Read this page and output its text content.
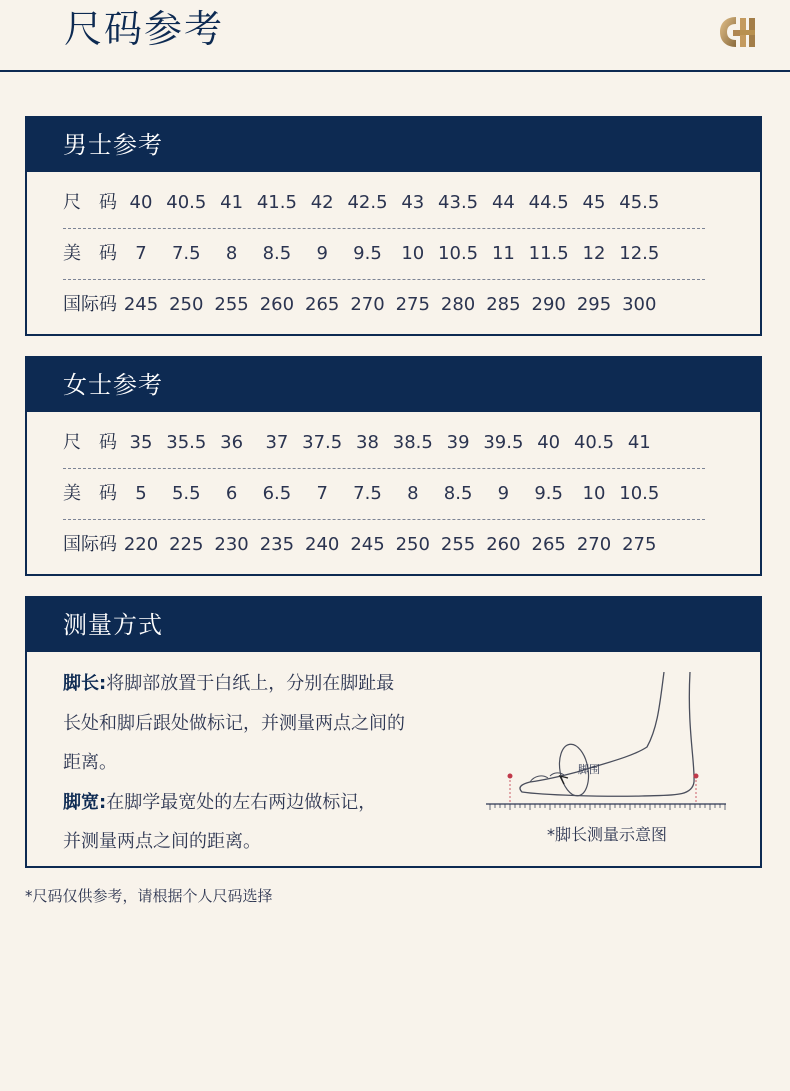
尺码参考
男士参考
尺　码 40 40.5 41 41.5 42 42.5 43 43.5 44 44.5 45 45.5
美　码	7	7.5	8	8.5	9	9.5	10 10.5 11 11.5 12 12.5
国际码 245 250 255 260 265 270 275 280 285 290 295 300
女士参考
尺　码 35 35.5 36	37 37.5 38 38.5 39 39.5 40 40.5 41
美　码	5	5.5	6	6.5	7	7.5	8	8.5	9	9.5	10 10.5
国际码 220 225 230 235 240 245 250 255 260 265 270 275
测量方式
脚长:将脚部放置于白纸上，分别在脚趾最
长处和脚后跟处做标记，并测量两点之间的
距离。
脚宽:在脚学最宽处的左右两边做标记，
并测量两点之间的距离。
脚围
*脚长测量示意图
*尺码仅供参考，请根据个人尺码选择
